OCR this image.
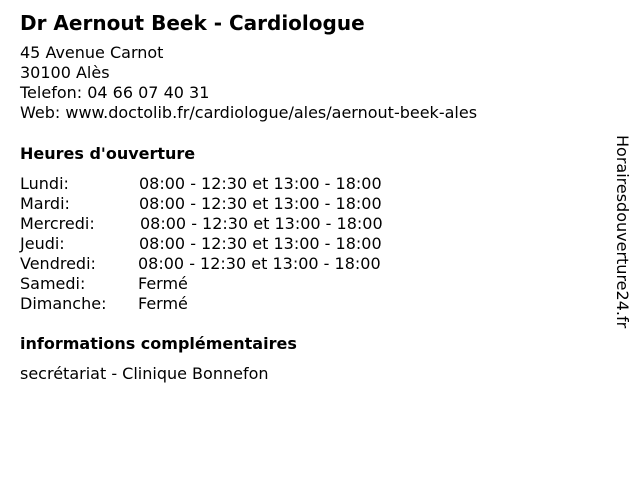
Dr Aernout Beek - Cardiologue
45 Avenue Carnot
30100 Alès
Telefon: 04 66 07 40 31
Web: www.doctolib.fr/cardiologue/ales/aernout-beek-ales
Heures d'ouverture
Lundi:	08:00 - 12:30 et 13:00 - 18:00
Mardi:	08:00 - 12:30 et 13:00 - 18:00
Mercredi:	08:00 - 12:30 et 13:00 - 18:00
Jeudi:	08:00 - 12:30 et 13:00 - 18:00
Vendredi:	08:00 - 12:30 et 13:00 - 18:00
Samedi:	Fermé
Dimanche: Fermé
informations complémentaires
secrétariat - Clinique Bonnefon
Horairesdouverture24.fr
